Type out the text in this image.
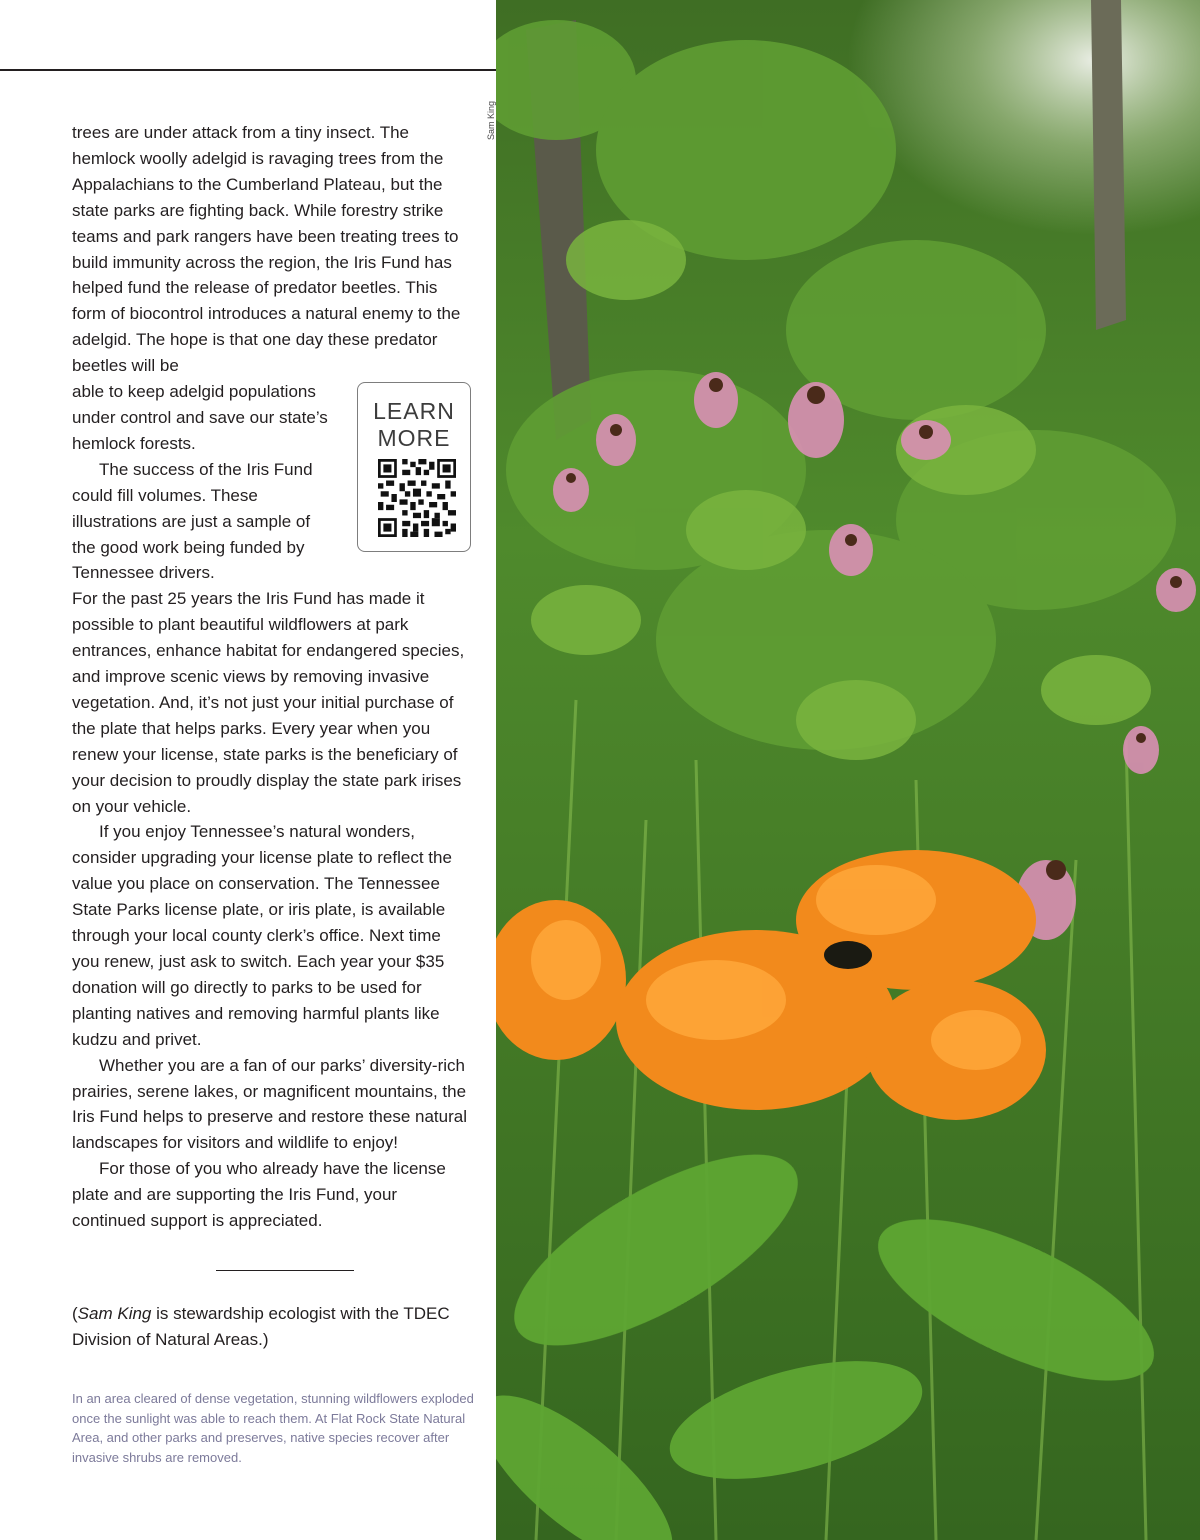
trees are under attack from a tiny insect. The hemlock woolly adelgid is ravaging trees from the Appalachians to the Cumberland Plateau, but the state parks are fighting back. While forestry strike teams and park rangers have been treating trees to build immunity across the region, the Iris Fund has helped fund the release of predator beetles. This form of biocontrol introduces a natural enemy to the adelgid. The hope is that one day these predator beetles will be

able to keep adelgid populations under control and save our state’s hemlock forests.

The success of the Iris Fund could fill volumes. These illustrations are just a sample of the good work being funded by Tennessee drivers.

For the past 25 years the Iris Fund has made it possible to plant beautiful wildflowers at park entrances, enhance habitat for endangered species, and improve scenic views by removing invasive vegetation. And, it’s not just your initial purchase of the plate that helps parks. Every year when you renew your license, state parks is the beneficiary of your decision to proudly display the state park irises on your vehicle.

If you enjoy Tennessee’s natural wonders, consider upgrading your license plate to reflect the value you place on conservation. The Tennessee State Parks license plate, or iris plate, is available through your local county clerk’s office. Next time you renew, just ask to switch. Each year your $35 donation will go directly to parks to be used for planting natives and removing harmful plants like kudzu and privet.

Whether you are a fan of our parks’ diversity-rich prairies, serene lakes, or magnificent mountains, the Iris Fund helps to preserve and restore these natural landscapes for visitors and wildlife to enjoy!

For those of you who already have the license plate and are supporting the Iris Fund, your continued support is appreciated.

LEARN
MORE

(Sam King is stewardship ecologist with the TDEC Division of Natural Areas.)

In an area cleared of dense vegetation, stunning wildflowers exploded once the sunlight was able to reach them. At Flat Rock State Natural Area, and other parks and preserves, native species recover after invasive shrubs are removed.

Sam King
